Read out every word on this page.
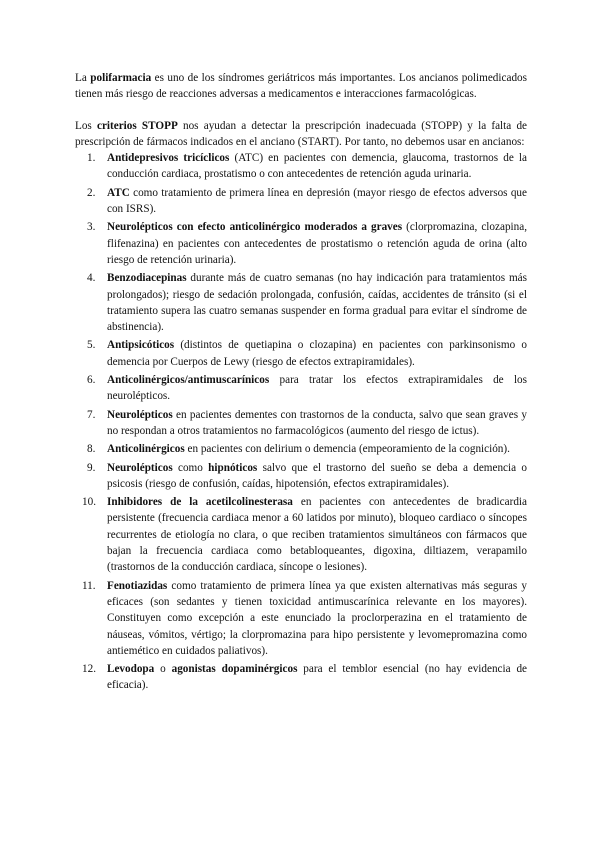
La polifarmacia es uno de los síndromes geriátricos más importantes. Los ancianos polimedicados tienen más riesgo de reacciones adversas a medicamentos e interacciones farmacológicas.

Los criterios STOPP nos ayudan a detectar la prescripción inadecuada (STOPP) y la falta de prescripción de fármacos indicados en el anciano (START). Por tanto, no debemos usar en ancianos:

1. Antidepresivos tricíclicos (ATC) en pacientes con demencia, glaucoma, trastornos de la conducción cardiaca, prostatismo o con antecedentes de retención aguda urinaria.
2. ATC como tratamiento de primera línea en depresión (mayor riesgo de efectos adversos que con ISRS).
3. Neurolépticos con efecto anticolinérgico moderados a graves (clorpromazina, clozapina, flifenazina) en pacientes con antecedentes de prostatismo o retención aguda de orina (alto riesgo de retención urinaria).
4. Benzodiacepinas durante más de cuatro semanas (no hay indicación para tratamientos más prolongados); riesgo de sedación prolongada, confusión, caídas, accidentes de tránsito (si el tratamiento supera las cuatro semanas suspender en forma gradual para evitar el síndrome de abstinencia).
5. Antipsicóticos (distintos de quetiapina o clozapina) en pacientes con parkinsonismo o demencia por Cuerpos de Lewy (riesgo de efectos extrapiramidales).
6. Anticolinérgicos/antimuscarínicos para tratar los efectos extrapiramidales de los neurolépticos.
7. Neurolépticos en pacientes dementes con trastornos de la conducta, salvo que sean graves y no respondan a otros tratamientos no farmacológicos (aumento del riesgo de ictus).
8. Anticolinérgicos en pacientes con delirium o demencia (empeoramiento de la cognición).
9. Neurolépticos como hipnóticos salvo que el trastorno del sueño se deba a demencia o psicosis (riesgo de confusión, caídas, hipotensión, efectos extrapiramidales).
10. Inhibidores de la acetilcolinesterasa en pacientes con antecedentes de bradicardia persistente (frecuencia cardiaca menor a 60 latidos por minuto), bloqueo cardiaco o síncopes recurrentes de etiología no clara, o que reciben tratamientos simultáneos con fármacos que bajan la frecuencia cardiaca como betabloqueantes, digoxina, diltiazem, verapamilo (trastornos de la conducción cardiaca, síncope o lesiones).
11. Fenotiazidas como tratamiento de primera línea ya que existen alternativas más seguras y eficaces (son sedantes y tienen toxicidad antimuscarínica relevante en los mayores). Constituyen como excepción a este enunciado la proclorperazina en el tratamiento de náuseas, vómitos, vértigo; la clorpromazina para hipo persistente y levomepromazina como antiemético en cuidados paliativos).
12. Levodopa o agonistas dopaminérgicos para el temblor esencial (no hay evidencia de eficacia).
